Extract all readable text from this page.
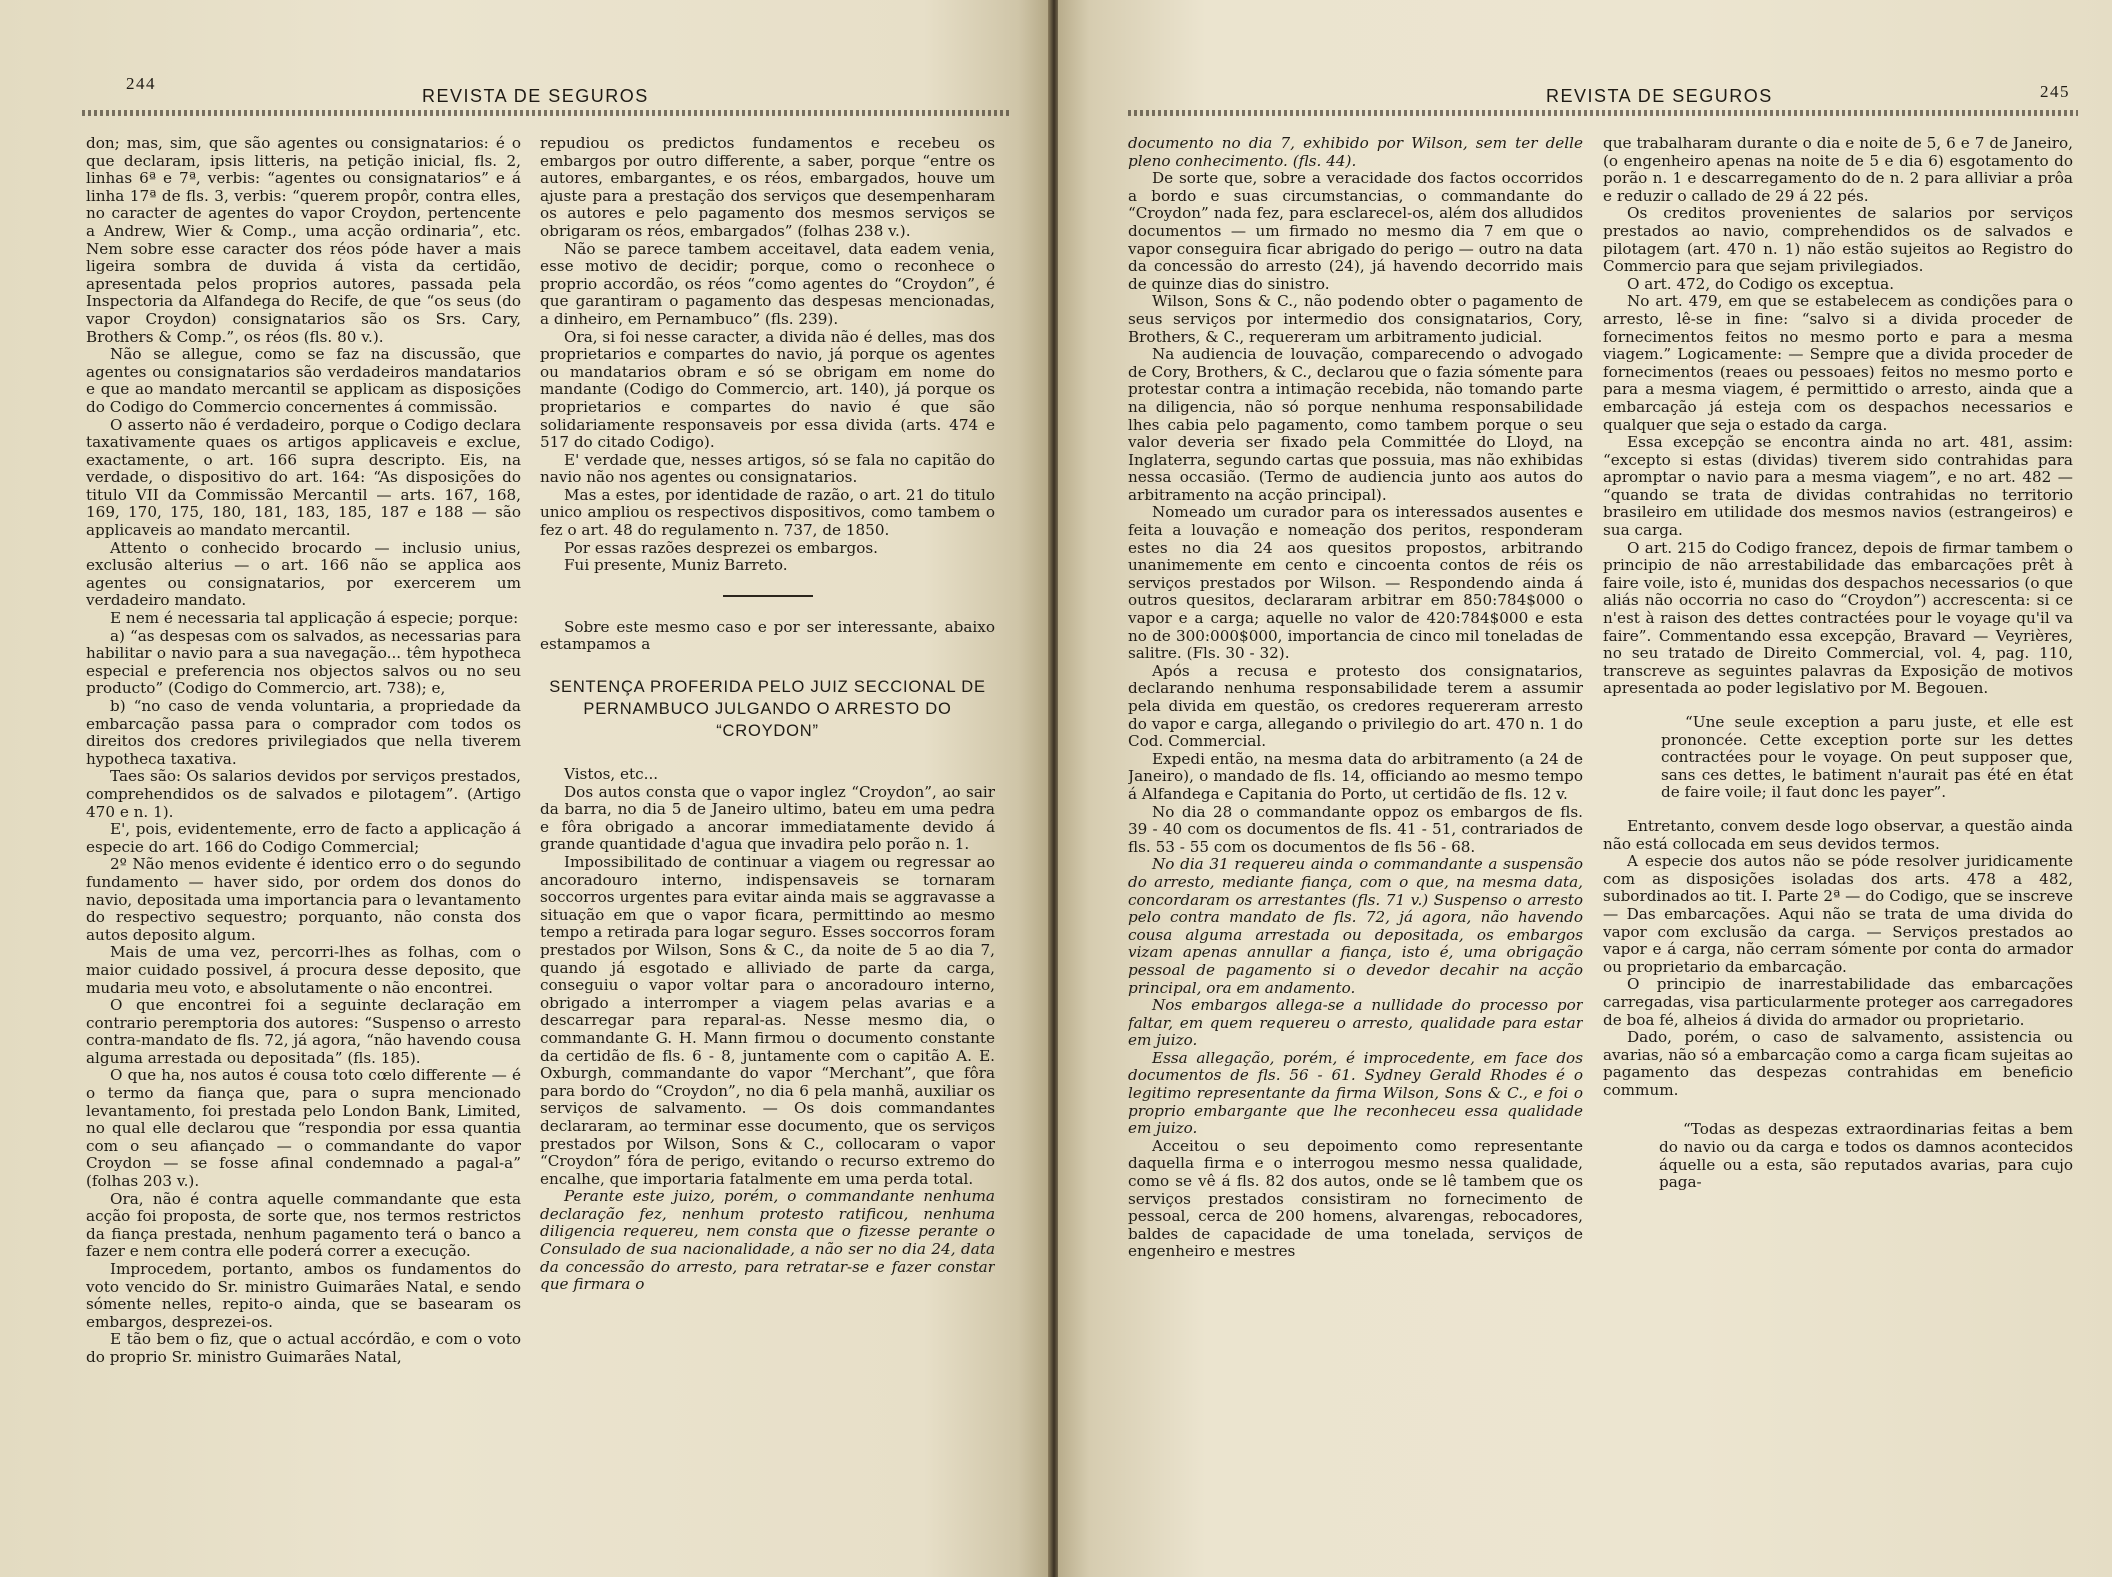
244
REVISTA DE SEGUROS

don; mas, sim, que são agentes ou consignatarios: é o que declaram, ipsis litteris, na petição inicial, fls. 2, linhas 6ª e 7ª, verbis: “agentes ou consignatarios” e á linha 17ª de fls. 3, verbis: “querem propôr, contra elles, no caracter de agentes do vapor Croydon, pertencente a Andrew, Wier & Comp., uma acção ordinaria”, etc. Nem sobre esse caracter dos réos póde haver a mais ligeira sombra de duvida á vista da certidão, apresentada pelos proprios autores, passada pela Inspectoria da Alfandega do Recife, de que “os seus (do vapor Croydon) consignatarios são os Srs. Cary, Brothers & Comp.”, os réos (fls. 80 v.).

Não se allegue, como se faz na discussão, que agentes ou consignatarios são verdadeiros mandatarios e que ao mandato mercantil se applicam as disposições do Codigo do Commercio concernentes á commissão.

O asserto não é verdadeiro, porque o Codigo declara taxativamente quaes os artigos applicaveis e exclue, exactamente, o art. 166 supra descripto. Eis, na verdade, o dispositivo do art. 164: “As disposições do titulo VII da Commissão Mercantil — arts. 167, 168, 169, 170, 175, 180, 181, 183, 185, 187 e 188 — são applicaveis ao mandato mercantil.

Attento o conhecido brocardo — inclusio unius, exclusão alterius — o art. 166 não se applica aos agentes ou consignatarios, por exercerem um verdadeiro mandato.

E nem é necessaria tal applicação á especie; porque:

a) “as despesas com os salvados, as necessarias para habilitar o navio para a sua navegação... têm hypotheca especial e preferencia nos objectos salvos ou no seu producto” (Codigo do Commercio, art. 738); e,

b) “no caso de venda voluntaria, a propriedade da embarcação passa para o comprador com todos os direitos dos credores privilegiados que nella tiverem hypotheca taxativa.

Taes são: Os salarios devidos por serviços prestados, comprehendidos os de salvados e pilotagem”. (Artigo 470 e n. 1).

E', pois, evidentemente, erro de facto a applicação á especie do art. 166 do Codigo Commercial;

2º Não menos evidente é identico erro o do segundo fundamento — haver sido, por ordem dos donos do navio, depositada uma importancia para o levantamento do respectivo sequestro; porquanto, não consta dos autos deposito algum.

Mais de uma vez, percorri-lhes as folhas, com o maior cuidado possivel, á procura desse deposito, que mudaria meu voto, e absolutamente o não encontrei.

O que encontrei foi a seguinte declaração em contrario peremptoria dos autores: “Suspenso o arresto contra-mandato de fls. 72, já agora, “não havendo cousa alguma arrestada ou depositada” (fls. 185).

O que ha, nos autos é cousa toto cœlo differente — é o termo da fiança que, para o supra mencionado levantamento, foi prestada pelo London Bank, Limited, no qual elle declarou que “respondia por essa quantia com o seu afiançado — o commandante do vapor Croydon — se fosse afinal condemnado a pagal-a” (folhas 203 v.).

Ora, não é contra aquelle commandante que esta acção foi proposta, de sorte que, nos termos restrictos da fiança prestada, nenhum pagamento terá o banco a fazer e nem contra elle poderá correr a execução.

Improcedem, portanto, ambos os fundamentos do voto vencido do Sr. ministro Guimarães Natal, e sendo sómente nelles, repito-o ainda, que se basearam os embargos, desprezei-os.

E tão bem o fiz, que o actual accórdão, e com o voto do proprio Sr. ministro Guimarães Natal,

repudiou os predictos fundamentos e recebeu os embargos por outro differente, a saber, porque “entre os autores, embargantes, e os réos, embargados, houve um ajuste para a prestação dos serviços que desempenharam os autores e pelo pagamento dos mesmos serviços se obrigaram os réos, embargados” (folhas 238 v.).

Não se parece tambem acceitavel, data eadem venia, esse motivo de decidir; porque, como o reconhece o proprio accordão, os réos “como agentes do “Croydon”, é que garantiram o pagamento das despesas mencionadas, a dinheiro, em Pernambuco” (fls. 239).

Ora, si foi nesse caracter, a divida não é delles, mas dos proprietarios e compartes do navio, já porque os agentes ou mandatarios obram e só se obrigam em nome do mandante (Codigo do Commercio, art. 140), já porque os proprietarios e compartes do navio é que são solidariamente responsaveis por essa divida (arts. 474 e 517 do citado Codigo).

E' verdade que, nesses artigos, só se fala no capitão do navio não nos agentes ou consignatarios.

Mas a estes, por identidade de razão, o art. 21 do titulo unico ampliou os respectivos dispositivos, como tambem o fez o art. 48 do regulamento n. 737, de 1850.

Por essas razões desprezei os embargos.

Fui presente, Muniz Barreto.

Sobre este mesmo caso e por ser interessante, abaixo estampamos a

SENTENÇA PROFERIDA PELO JUIZ SECCIONAL DE PERNAMBUCO JULGANDO O ARRESTO DO “CROYDON”

Vistos, etc...

Dos autos consta que o vapor inglez “Croydon”, ao sair da barra, no dia 5 de Janeiro ultimo, bateu em uma pedra e fôra obrigado a ancorar immediatamente devido á grande quantidade d'agua que invadira pelo porão n. 1.

Impossibilitado de continuar a viagem ou regressar ao ancoradouro interno, indispensaveis se tornaram soccorros urgentes para evitar ainda mais se aggravasse a situação em que o vapor ficara, permittindo ao mesmo tempo a retirada para logar seguro. Esses soccorros foram prestados por Wilson, Sons & C., da noite de 5 ao dia 7, quando já esgotado e alliviado de parte da carga, conseguiu o vapor voltar para o ancoradouro interno, obrigado a interromper a viagem pelas avarias e a descarregar para reparal-as. Nesse mesmo dia, o commandante G. H. Mann firmou o documento constante da certidão de fls. 6 - 8, juntamente com o capitão A. E. Oxburgh, commandante do vapor “Merchant”, que fôra para bordo do “Croydon”, no dia 6 pela manhã, auxiliar os serviços de salvamento. — Os dois commandantes declararam, ao terminar esse documento, que os serviços prestados por Wilson, Sons & C., collocaram o vapor “Croydon” fóra de perigo, evitando o recurso extremo do encalhe, que importaria fatalmente em uma perda total.

Perante este juizo, porém, o commandante nenhuma declaração fez, nenhum protesto ratificou, nenhuma diligencia requereu, nem consta que o fizesse perante o Consulado de sua nacionalidade, a não ser no dia 24, data da concessão do arresto, para retratar-se e fazer constar que firmara o

REVISTA DE SEGUROS	245

documento no dia 7, exhibido por Wilson, sem ter delle pleno conhecimento. (fls. 44).

De sorte que, sobre a veracidade dos factos occorridos a bordo e suas circumstancias, o commandante do “Croydon” nada fez, para esclarecel-os, além dos alludidos documentos — um firmado no mesmo dia 7 em que o vapor conseguira ficar abrigado do perigo — outro na data da concessão do arresto (24), já havendo decorrido mais de quinze dias do sinistro.

Wilson, Sons & C., não podendo obter o pagamento de seus serviços por intermedio dos consignatarios, Cory, Brothers, & C., requereram um arbitramento judicial.

Na audiencia de louvação, comparecendo o advogado de Cory, Brothers, & C., declarou que o fazia sómente para protestar contra a intimação recebida, não tomando parte na diligencia, não só porque nenhuma responsabilidade lhes cabia pelo pagamento, como tambem porque o seu valor deveria ser fixado pela Committée do Lloyd, na Inglaterra, segundo cartas que possuia, mas não exhibidas nessa occasião. (Termo de audiencia junto aos autos do arbitramento na acção principal).

Nomeado um curador para os interessados ausentes e feita a louvação e nomeação dos peritos, responderam estes no dia 24 aos quesitos propostos, arbitrando unanimemente em cento e cincoenta contos de réis os serviços prestados por Wilson. — Respondendo ainda á outros quesitos, declararam arbitrar em 850:784$000 o vapor e a carga; aquelle no valor de 420:784$000 e esta no de 300:000$000, importancia de cinco mil toneladas de salitre. (Fls. 30 - 32).

Após a recusa e protesto dos consignatarios, declarando nenhuma responsabilidade terem a assumir pela divida em questão, os credores requereram arresto do vapor e carga, allegando o privilegio do art. 470 n. 1 do Cod. Commercial.

Expedi então, na mesma data do arbitramento (a 24 de Janeiro), o mandado de fls. 14, officiando ao mesmo tempo á Alfandega e Capitania do Porto, ut certidão de fls. 12 v.

No dia 28 o commandante oppoz os embargos de fls. 39 - 40 com os documentos de fls. 41 - 51, contrariados de fls. 53 - 55 com os documentos de fls 56 - 68.

No dia 31 requereu ainda o commandante a suspensão do arresto, mediante fiança, com o que, na mesma data, concordaram os arrestantes (fls. 71 v.) Suspenso o arresto pelo contra mandato de fls. 72, já agora, não havendo cousa alguma arrestada ou depositada, os embargos vizam apenas annullar a fiança, isto é, uma obrigação pessoal de pagamento si o devedor decahir na acção principal, ora em andamento.

Nos embargos allega-se a nullidade do processo por faltar, em quem requereu o arresto, qualidade para estar em juizo.

Essa allegação, porém, é improcedente, em face dos documentos de fls. 56 - 61. Sydney Gerald Rhodes é o legitimo representante da firma Wilson, Sons & C., e foi o proprio embargante que lhe reconheceu essa qualidade em juizo.

Acceitou o seu depoimento como representante daquella firma e o interrogou mesmo nessa qualidade, como se vê á fls. 82 dos autos, onde se lê tambem que os serviços prestados consistiram no fornecimento de pessoal, cerca de 200 homens, alvarengas, rebocadores, baldes de capacidade de uma tonelada, serviços de engenheiro e mestres

que trabalharam durante o dia e noite de 5, 6 e 7 de Janeiro, (o engenheiro apenas na noite de 5 e dia 6) esgotamento do porão n. 1 e descarregamento do de n. 2 para alliviar a prôa e reduzir o callado de 29 á 22 pés.

Os creditos provenientes de salarios por serviços prestados ao navio, comprehendidos os de salvados e pilotagem (art. 470 n. 1) não estão sujeitos ao Registro do Commercio para que sejam privilegiados.

O art. 472, do Codigo os exceptua.

No art. 479, em que se estabelecem as condições para o arresto, lê-se in fine: “salvo si a divida proceder de fornecimentos feitos no mesmo porto e para a mesma viagem.” Logicamente: — Sempre que a divida proceder de fornecimentos (reaes ou pessoaes) feitos no mesmo porto e para a mesma viagem, é permittido o arresto, ainda que a embarcação já esteja com os despachos necessarios e qualquer que seja o estado da carga.

Essa excepção se encontra ainda no art. 481, assim: “excepto si estas (dividas) tiverem sido contrahidas para apromptar o navio para a mesma viagem”, e no art. 482 — “quando se trata de dividas contrahidas no territorio brasileiro em utilidade dos mesmos navios (estrangeiros) e sua carga.

O art. 215 do Codigo francez, depois de firmar tambem o principio de não arrestabilidade das embarcações prêt à faire voile, isto é, munidas dos despachos necessarios (o que aliás não occorria no caso do “Croydon”) accrescenta: si ce n'est à raison des dettes contractées pour le voyage qu'il va faire”. Commentando essa excepção, Bravard — Veyrières, no seu tratado de Direito Commercial, vol. 4, pag. 110, transcreve as seguintes palavras da Exposição de motivos apresentada ao poder legislativo por M. Begouen.

“Une seule exception a paru juste, et elle est prononcée. Cette exception porte sur les dettes contractées pour le voyage. On peut supposer que, sans ces dettes, le batiment n'aurait pas été en état de faire voile; il faut donc les payer”.

Entretanto, convem desde logo observar, a questão ainda não está collocada em seus devidos termos.

A especie dos autos não se póde resolver juridicamente com as disposições isoladas dos arts. 478 a 482, subordinados ao tit. I. Parte 2ª — do Codigo, que se inscreve — Das embarcações. Aqui não se trata de uma divida do vapor com exclusão da carga. — Serviços prestados ao vapor e á carga, não cerram sómente por conta do armador ou proprietario da embarcação.

O principio de inarrestabilidade das embarcações carregadas, visa particularmente proteger aos carregadores de boa fé, alheios á divida do armador ou proprietario.

Dado, porém, o caso de salvamento, assistencia ou avarias, não só a embarcação como a carga ficam sujeitas ao pagamento das despezas contrahidas em beneficio commum.

“Todas as despezas extraordinarias feitas a bem do navio ou da carga e todos os damnos acontecidos áquelle ou a esta, são reputados avarias, para cujo paga-
